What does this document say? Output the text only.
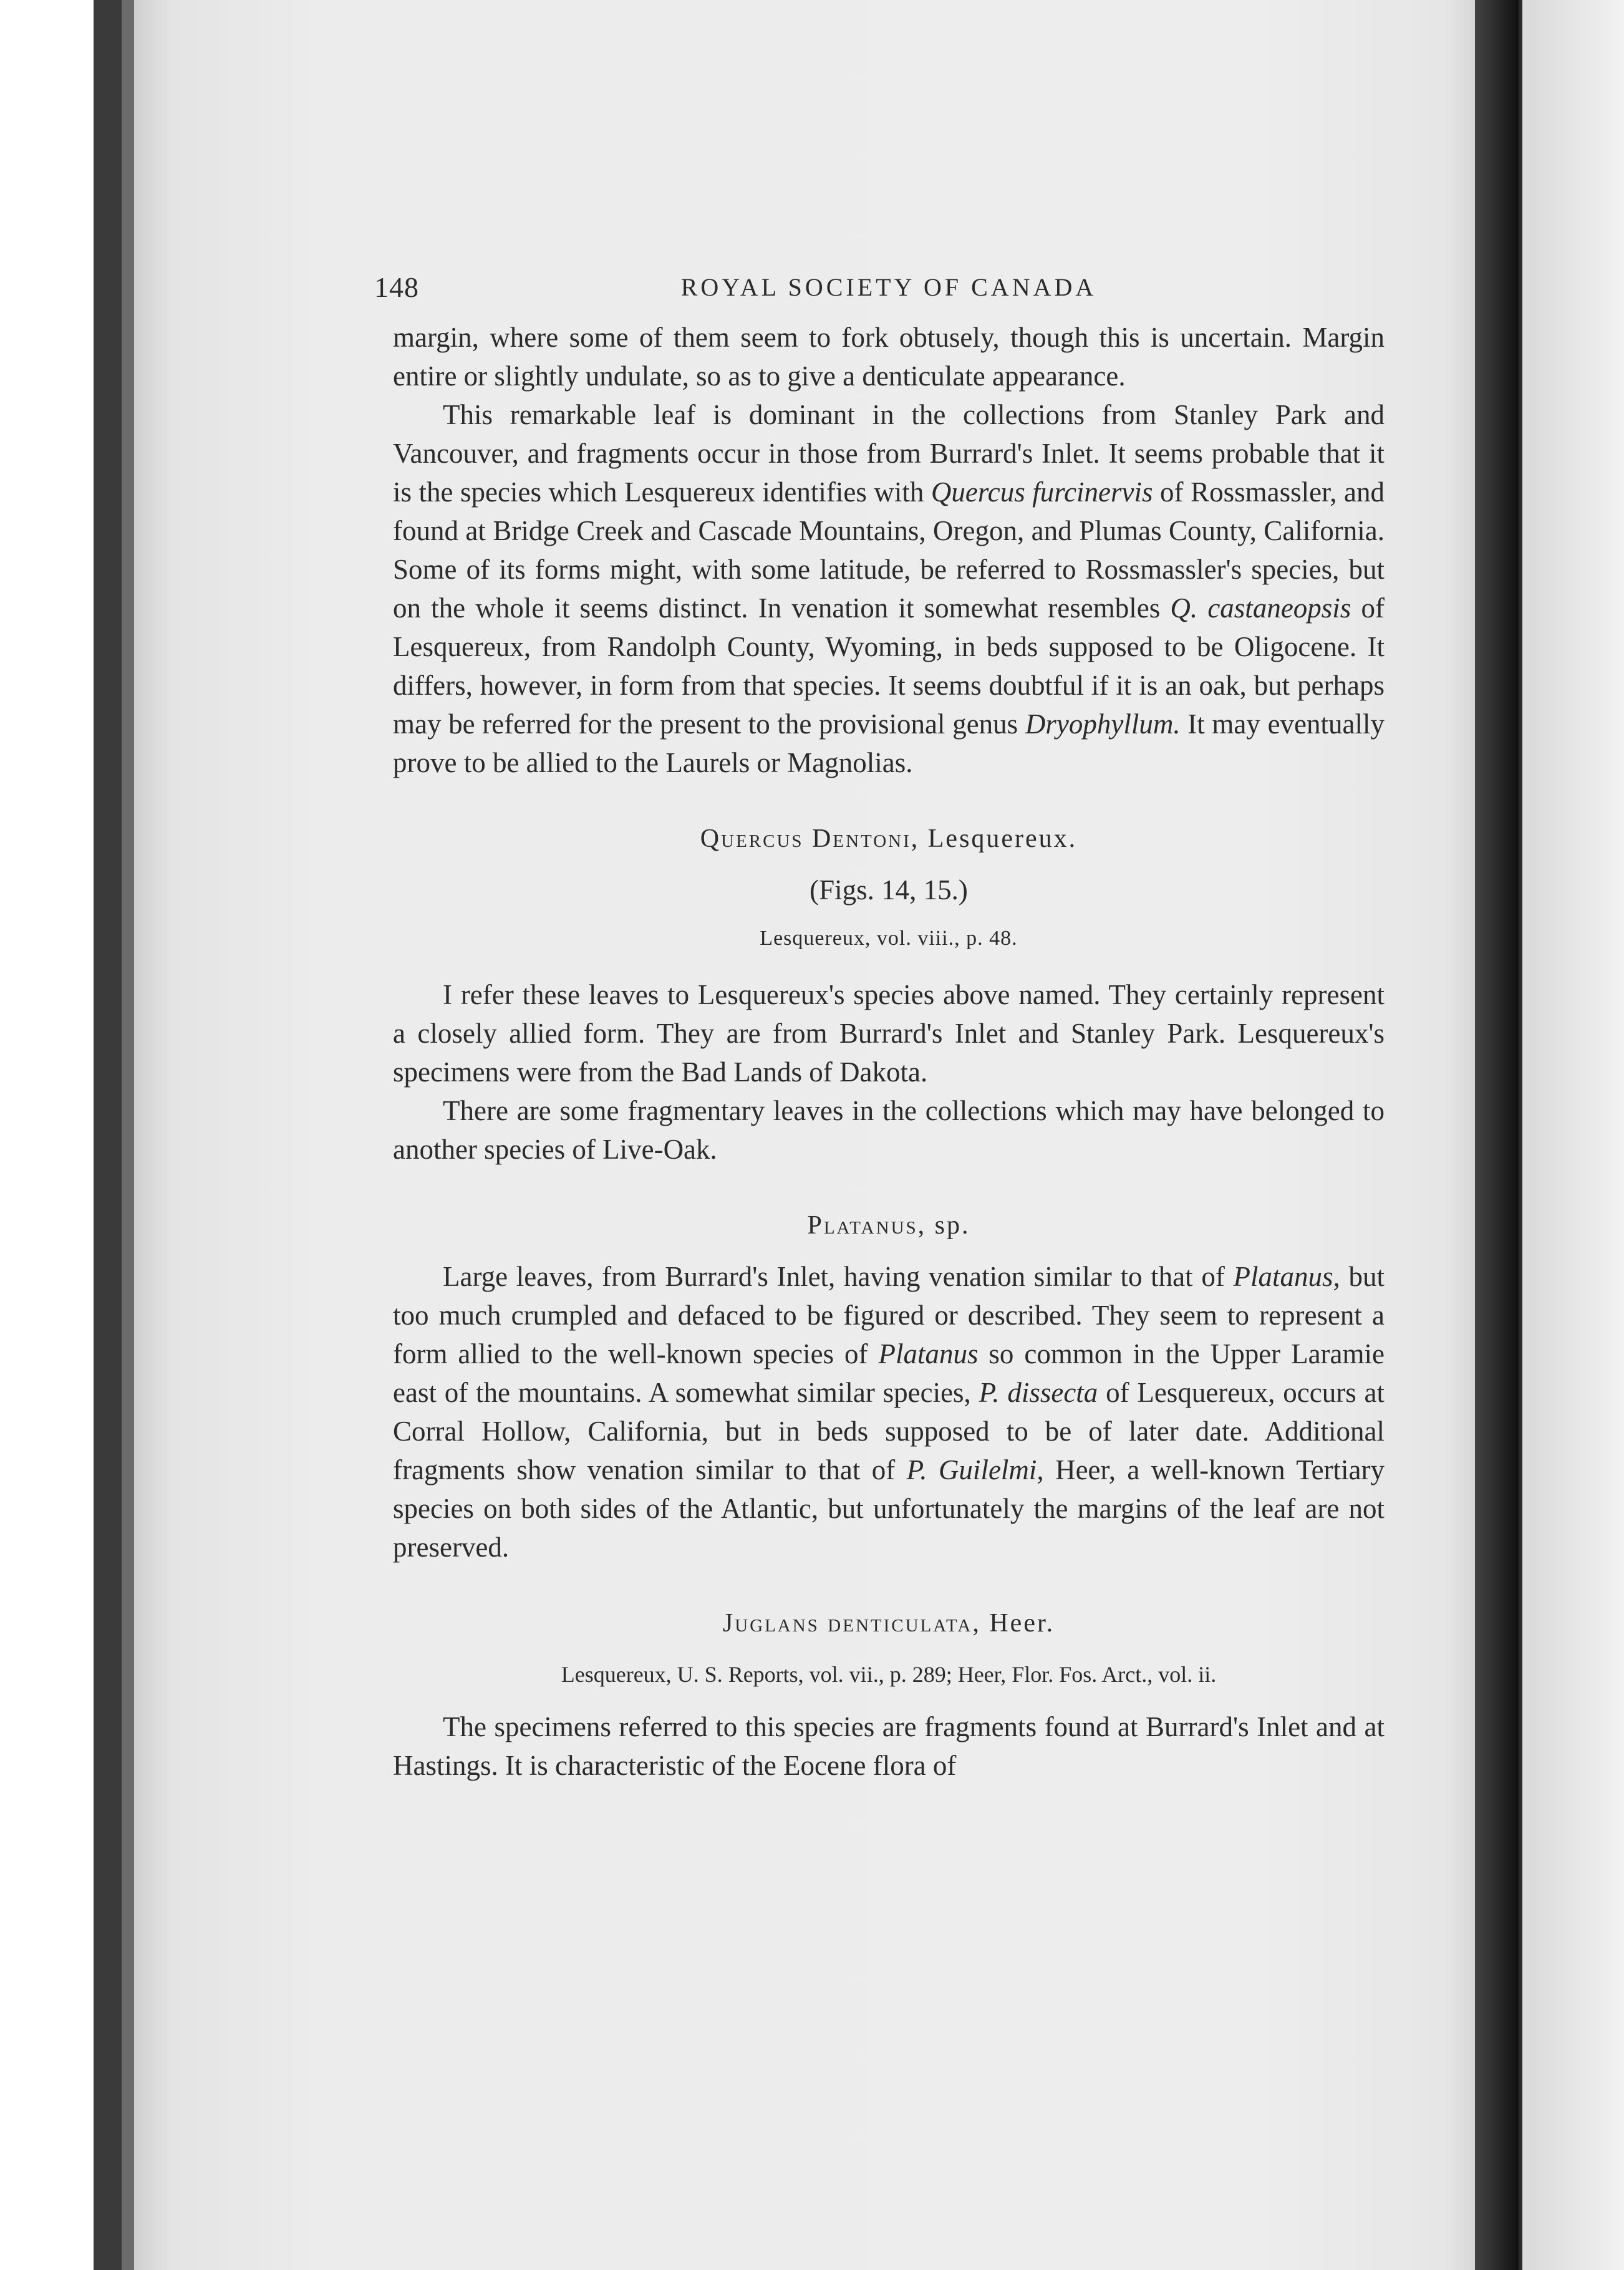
148	ROYAL SOCIETY OF CANADA

margin, where some of them seem to fork obtusely, though this is uncertain. Margin entire or slightly undulate, so as to give a denticulate appearance.

This remarkable leaf is dominant in the collections from Stanley Park and Vancouver, and fragments occur in those from Burrard's Inlet. It seems probable that it is the species which Lesquereux identifies with Quercus furcinervis of Rossmassler, and found at Bridge Creek and Cascade Mountains, Oregon, and Plumas County, California. Some of its forms might, with some latitude, be referred to Rossmassler's species, but on the whole it seems distinct. In venation it somewhat resembles Q. castaneopsis of Lesquereux, from Randolph County, Wyoming, in beds supposed to be Oligocene. It differs, however, in form from that species. It seems doubtful if it is an oak, but perhaps may be referred for the present to the provisional genus Dryophyllum. It may eventually prove to be allied to the Laurels or Magnolias.

Quercus Dentoni, Lesquereux.
(Figs. 14, 15.)
Lesquereux, vol. viii., p. 48.

I refer these leaves to Lesquereux's species above named. They certainly represent a closely allied form. They are from Burrard's Inlet and Stanley Park. Lesquereux's specimens were from the Bad Lands of Dakota.

There are some fragmentary leaves in the collections which may have belonged to another species of Live-Oak.

Platanus, sp.

Large leaves, from Burrard's Inlet, having venation similar to that of Platanus, but too much crumpled and defaced to be figured or described. They seem to represent a form allied to the well-known species of Platanus so common in the Upper Laramie east of the mountains. A somewhat similar species, P. dissecta of Lesquereux, occurs at Corral Hollow, California, but in beds supposed to be of later date. Additional fragments show venation similar to that of P. Guilelmi, Heer, a well-known Tertiary species on both sides of the Atlantic, but unfortunately the margins of the leaf are not preserved.

Juglans denticulata, Heer.
Lesquereux, U. S. Reports, vol. vii., p. 289; Heer, Flor. Fos. Arct., vol. ii.

The specimens referred to this species are fragments found at Burrard's Inlet and at Hastings. It is characteristic of the Eocene flora of
